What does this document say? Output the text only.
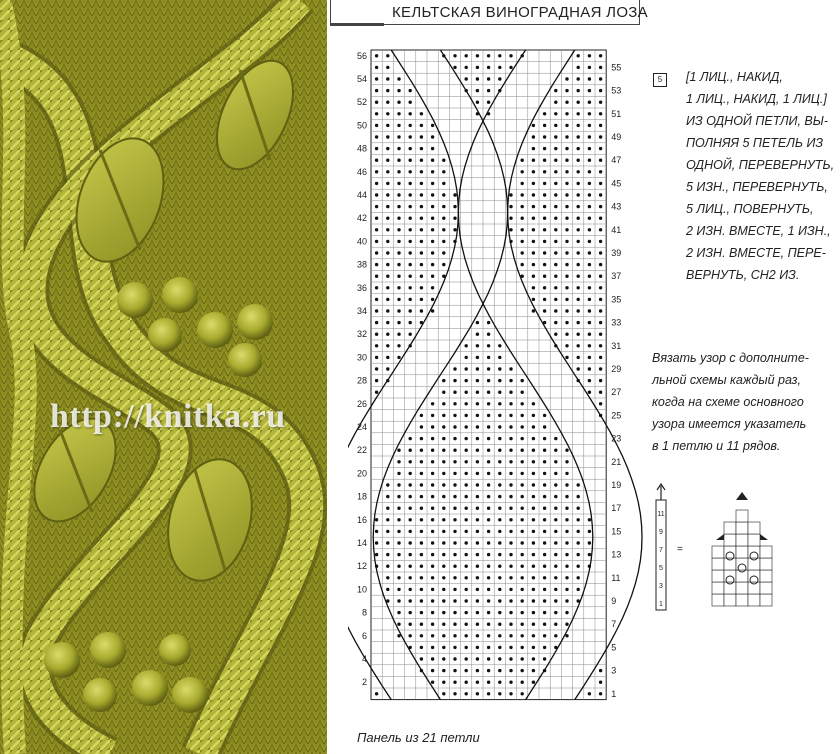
http://knitka.ru
КЕЛЬТСКАЯ ВИНОГРАДНАЯ ЛОЗА
2
4
6
8
10
12
14
16
18
20
22
24
26
28
30
32
34
36
38
40
42
44
46
48
50
52
54
56
1
3
5
7
9
11
13
15
17
19
21
23
25
27
29
31
33
35
37
39
41
43
45
47
49
51
53
55
5	[1 ЛИЦ., НАКИД,
1 ЛИЦ., НАКИД, 1 ЛИЦ.]
ИЗ ОДНОЙ ПЕТЛИ, ВЫ-
ПОЛНЯЯ 5 ПЕТЕЛЬ ИЗ
ОДНОЙ, ПЕРЕВЕРНУТЬ,
5 ИЗН., ПЕРЕВЕРНУТЬ,
5 ЛИЦ., ПОВЕРНУТЬ,
2 ИЗН. ВМЕСТЕ, 1 ИЗН.,
2 ИЗН. ВМЕСТЕ, ПЕРЕ-
ВЕРНУТЬ, СН2 ИЗ.
Вязать узор с дополните-
льной схемы каждый раз,
когда на схеме основного
узора имеется указатель
в 1 петлю и 11 рядов.
11
9
7
5
3
1
=
Панель из 21 петли
